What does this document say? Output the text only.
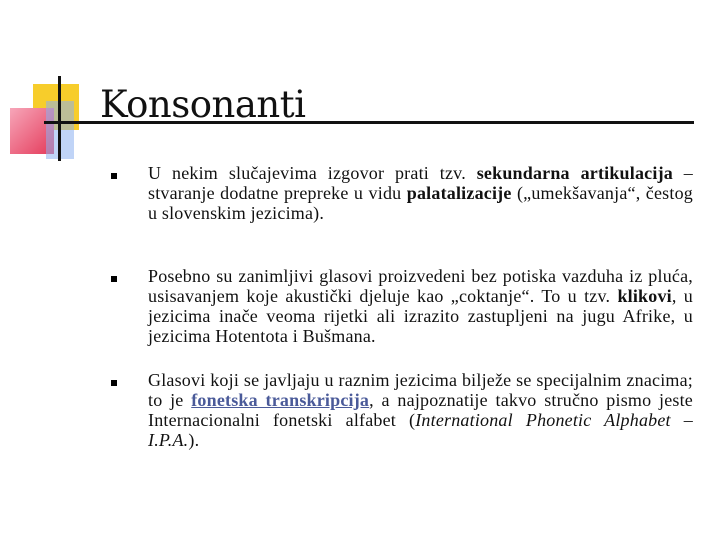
Konsonanti

U nekim slučajevima izgovor prati tzv. sekundarna artikulacija – stvaranje dodatne prepreke u vidu palatalizacije („umekšavanja“, čestog u slovenskim jezicima).

Posebno su zanimljivi glasovi proizvedeni bez potiska vazduha iz pluća, usisavanjem koje akustički djeluje kao „coktanje“. To u tzv. klikovi, u jezicima inače veoma rijetki ali izrazito zastupljeni na jugu Afrike, u jezicima Hotentota i Bušmana.

Glasovi koji se javljaju u raznim jezicima bilježe se specijalnim znacima; to je fonetska transkripcija, a najpoznatije takvo stručno pismo jeste Internacionalni fonetski alfabet (International Phonetic Alphabet – I.P.A.).
